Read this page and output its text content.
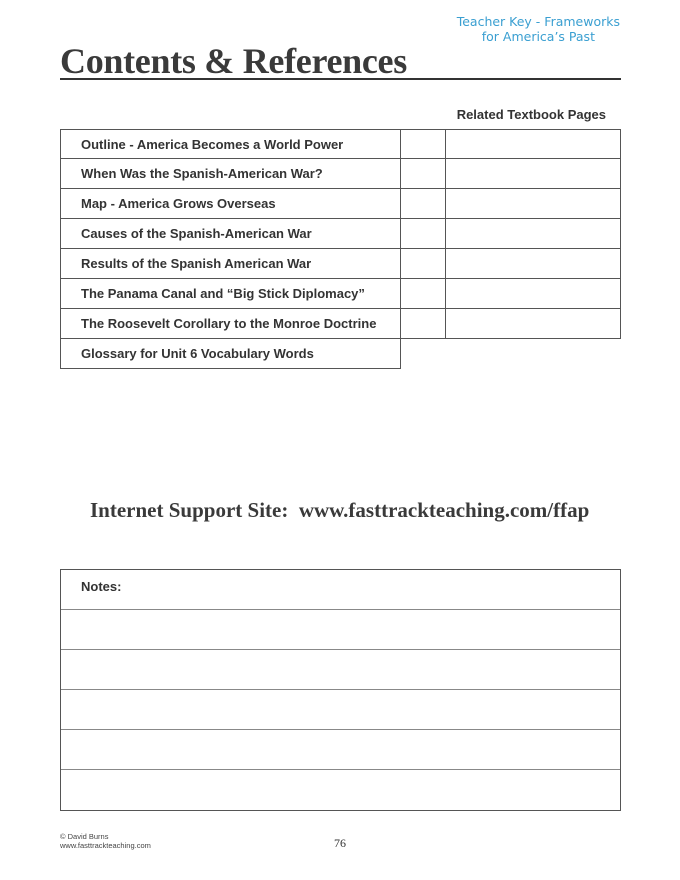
Teacher Key - Frameworks
for America’s Past
Contents & References
Related Textbook Pages
Outline - America Becomes a World Power
When Was the Spanish-American War?
Map - America Grows Overseas
Causes of the Spanish-American War
Results of the Spanish American War
The Panama Canal and “Big Stick Diplomacy”
The Roosevelt Corollary to the Monroe Doctrine
Glossary for Unit 6 Vocabulary Words
Internet Support Site:  www.fasttrackteaching.com/ffap
Notes:
© David Burns
www.fasttrackteaching.com	76
